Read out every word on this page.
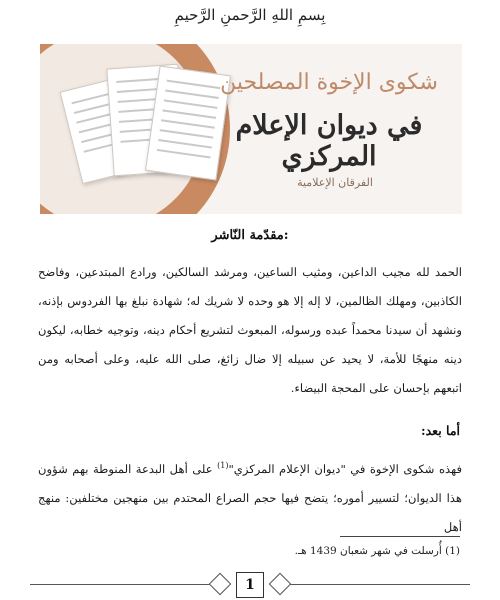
بِسمِ اللهِ الرَّحمنِ الرَّحيمِ
شكوى الإخوة المصلحين
في ديوان الإعلام المركزي
الفرقان الإعلامية
مقدّمة النّاشر:
الحمد لله مجيب الداعين، ومثيب الساعين، ومرشد السالكين، ورادع المبتدعين، وفاضح الكاذبين، ومهلك الظالمين، لا إله إلا هو وحده لا شريك له؛ شهادة نبلغ بها الفردوس بإذنه، ونشهد أن سيدنا محمداً عبده ورسوله، المبعوث لتشريع أحكام دينه، وتوجيه خطابه، ليكون دينه منهجًا للأمة، لا يحيد عن سبيله إلا ضال زائغ، صلى الله عليه، وعلى أصحابه ومن اتبعهم بإحسان على المحجة البيضاء.
أما بعد:
فهذه شكوى الإخوة في "ديوان الإعلام المركزي"$^{(1)}$ على أهل البدعة المنوطة بهم شؤون هذا الديوان؛ لتسيير أموره؛ يتضح فيها حجم الصراع المحتدم بين منهجين مختلفين: منهج أهل
(1) أُرسلت في شهر شعبان 1439 هـ.
1
